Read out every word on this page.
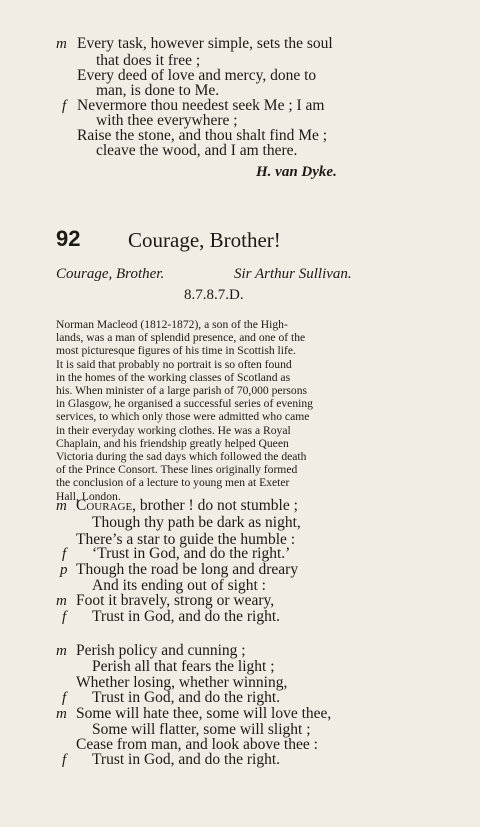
m Every task, however simple, sets the soul
that does it free ;
Every deed of love and mercy, done to
man, is done to Me.
f Nevermore thou needest seek Me ; I am
with thee everywhere ;
Raise the stone, and thou shalt find Me ;
cleave the wood, and I am there.
H. van Dyke.
92 Courage, Brother!
Courage, Brother.	Sir Arthur Sullivan.
8.7.8.7.D.
Norman Macleod (1812-1872), a son of the High-
lands, was a man of splendid presence, and one of the
most picturesque figures of his time in Scottish life.
It is said that probably no portrait is so often found
in the homes of the working classes of Scotland as
his. When minister of a large parish of 70,000 persons
in Glasgow, he organised a successful series of evening
services, to which only those were admitted who came
in their everyday working clothes. He was a Royal
Chaplain, and his friendship greatly helped Queen
Victoria during the sad days which followed the death
of the Prince Consort. These lines originally formed
the conclusion of a lecture to young men at Exeter
Hall, London.
m Courage, brother ! do not stumble ;
Though thy path be dark as night,
There’s a star to guide the humble :
f ‘Trust in God, and do the right.’
p Though the road be long and dreary
And its ending out of sight :
m Foot it bravely, strong or weary,
f Trust in God, and do the right.
m Perish policy and cunning ;
Perish all that fears the light ;
Whether losing, whether winning,
f Trust in God, and do the right.
m Some will hate thee, some will love thee,
Some will flatter, some will slight ;
Cease from man, and look above thee :
f Trust in God, and do the right.
